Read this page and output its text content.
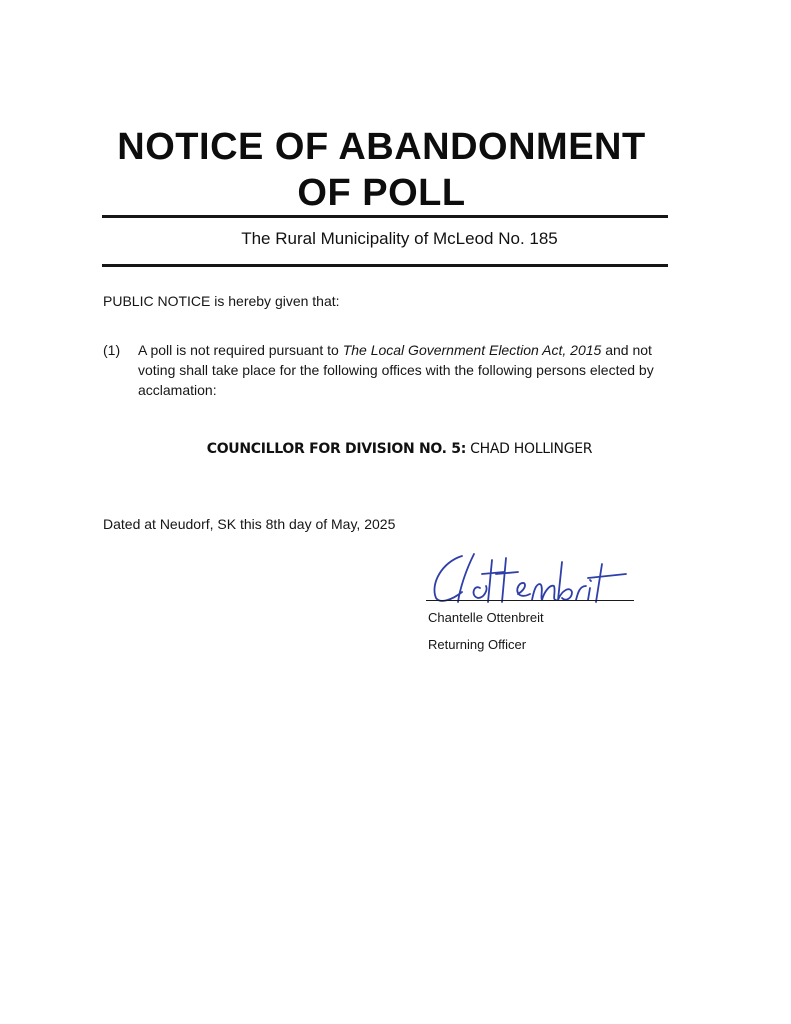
NOTICE OF ABANDONMENT
OF POLL
The Rural Municipality of McLeod No. 185
PUBLIC NOTICE is hereby given that:
(1) A poll is not required pursuant to The Local Government Election Act, 2015 and not voting shall take place for the following offices with the following persons elected by acclamation:
COUNCILLOR FOR DIVISION NO. 5: CHAD HOLLINGER
Dated at Neudorf, SK this 8th day of May, 2025
Chantelle Ottenbreit
Returning Officer
